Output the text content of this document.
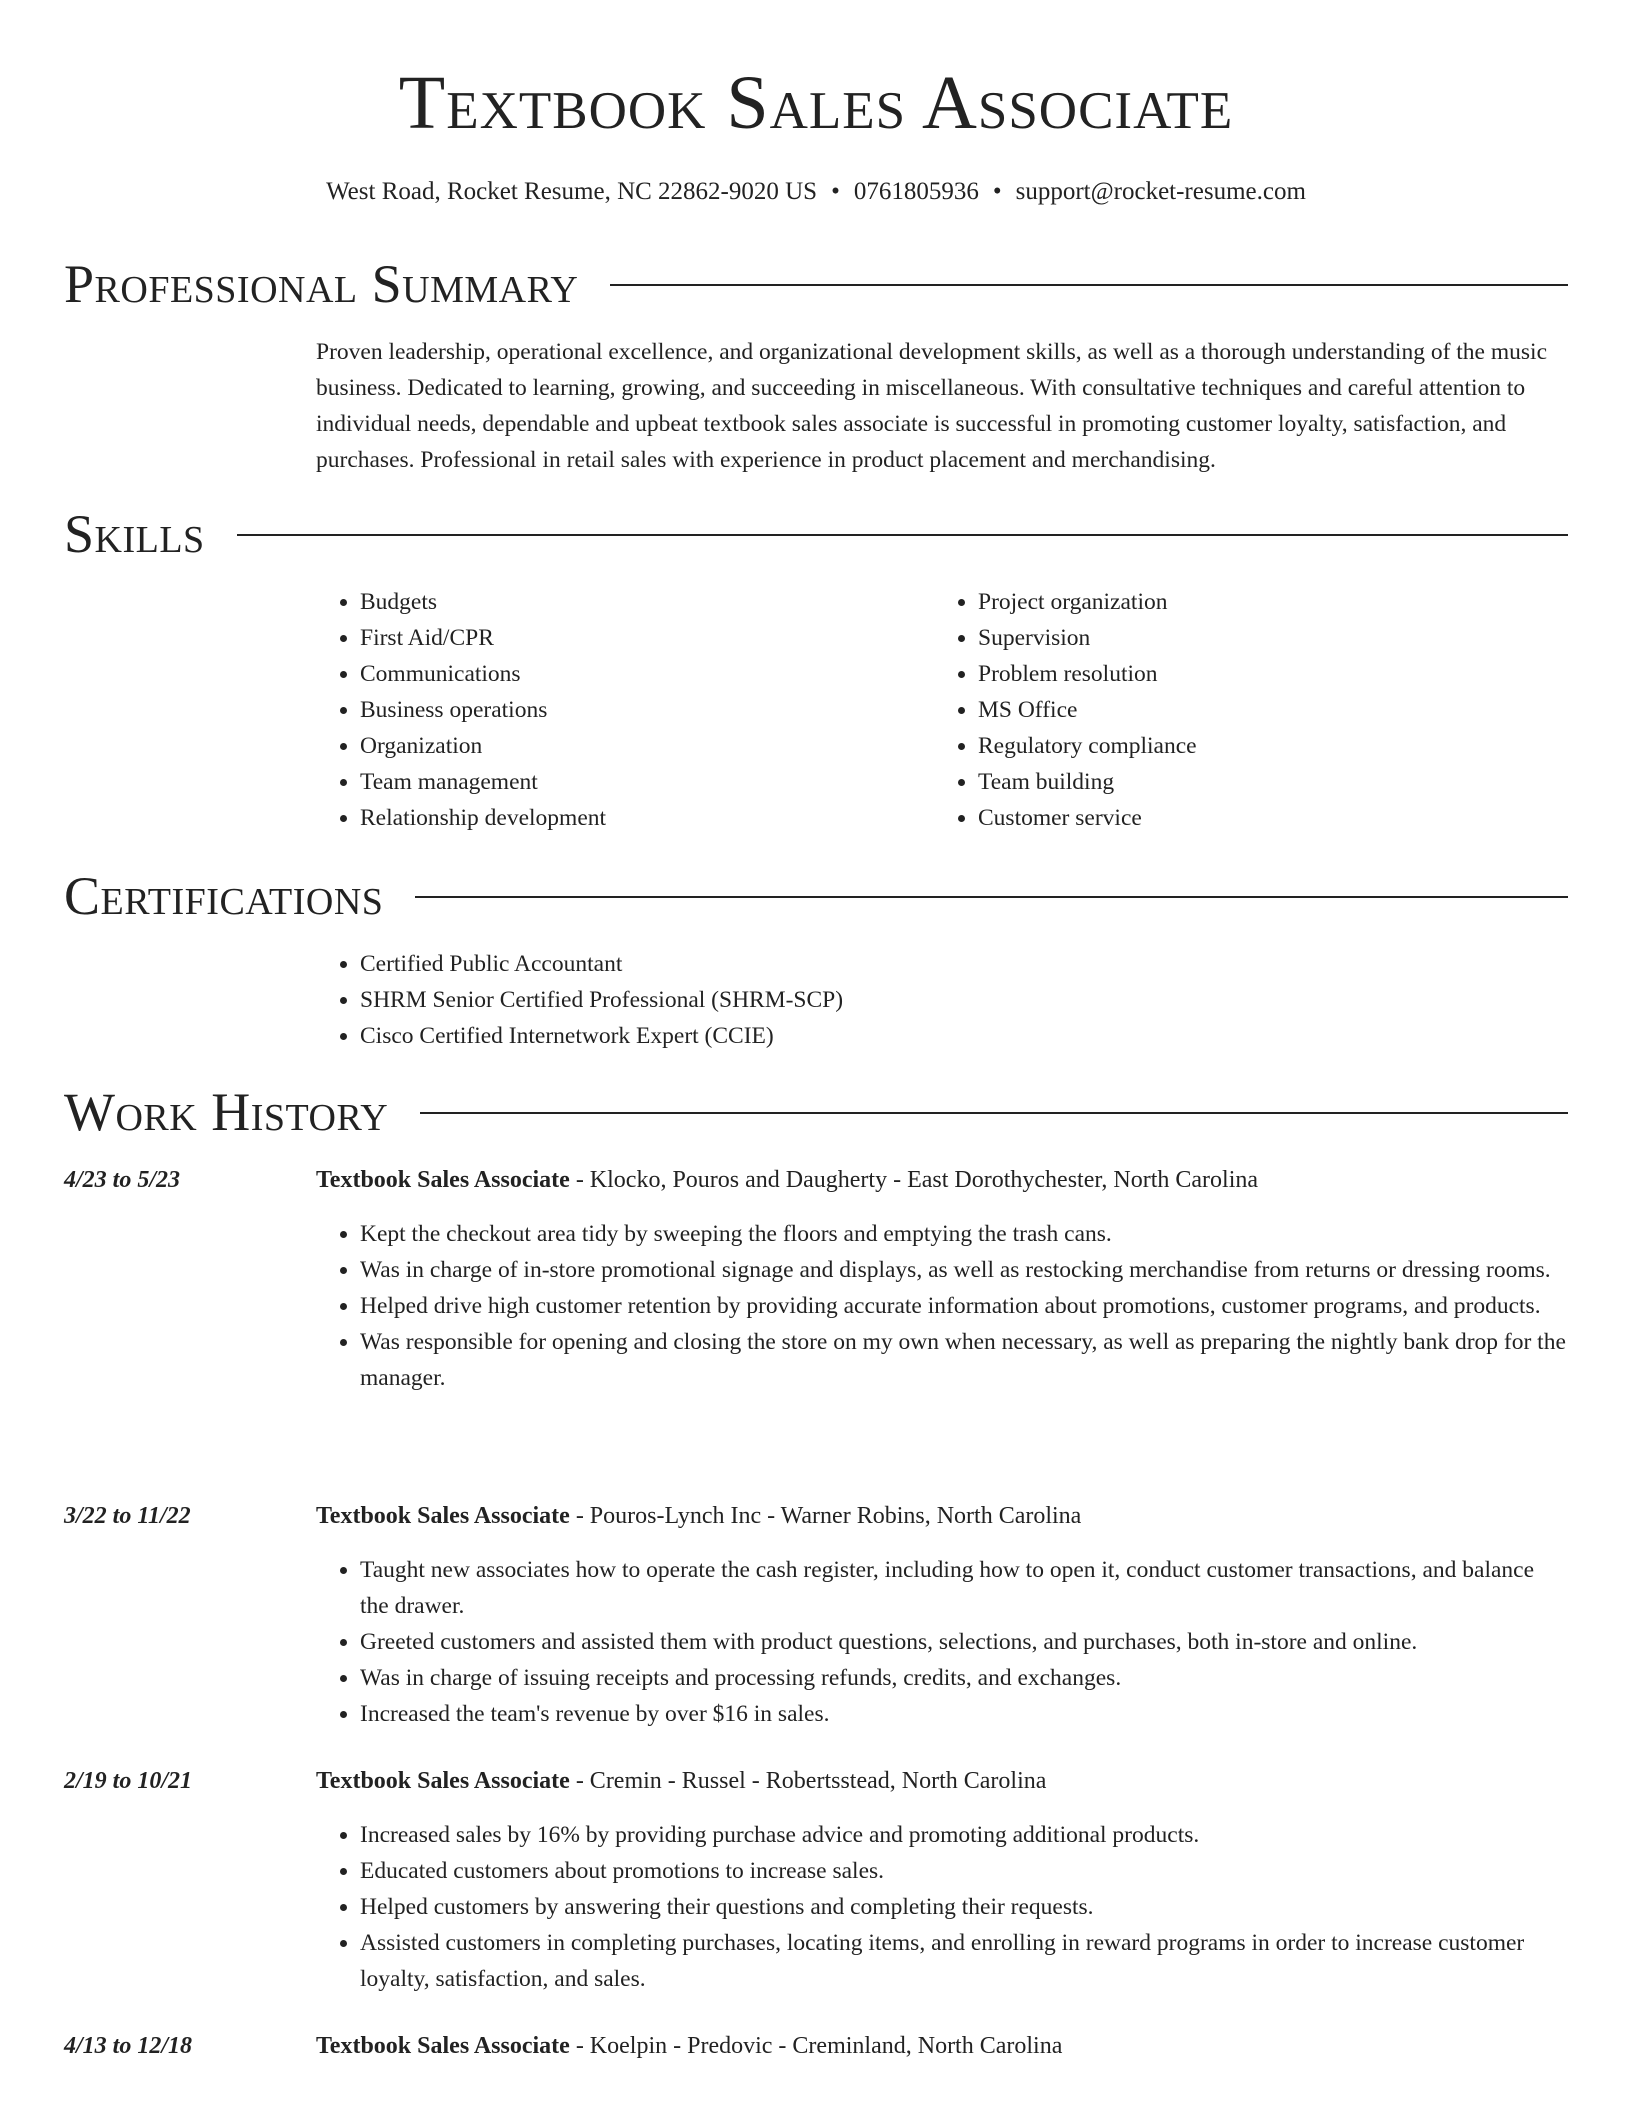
Textbook Sales Associate
West Road, Rocket Resume, NC 22862-9020 US • 0761805936 • support@rocket-resume.com
Professional Summary
Proven leadership, operational excellence, and organizational development skills, as well as a thorough understanding of the music business. Dedicated to learning, growing, and succeeding in miscellaneous. With consultative techniques and careful attention to individual needs, dependable and upbeat textbook sales associate is successful in promoting customer loyalty, satisfaction, and purchases. Professional in retail sales with experience in product placement and merchandising.
Skills
• Budgets
• First Aid/CPR
• Communications
• Business operations
• Organization
• Team management
• Relationship development
• Project organization
• Supervision
• Problem resolution
• MS Office
• Regulatory compliance
• Team building
• Customer service
Certifications
• Certified Public Accountant
• SHRM Senior Certified Professional (SHRM-SCP)
• Cisco Certified Internetwork Expert (CCIE)
Work History
4/23 to 5/23	Textbook Sales Associate - Klocko, Pouros and Daugherty - East Dorothychester, North Carolina
• Kept the checkout area tidy by sweeping the floors and emptying the trash cans.
• Was in charge of in-store promotional signage and displays, as well as restocking merchandise from returns or dressing rooms.
• Helped drive high customer retention by providing accurate information about promotions, customer programs, and products.
• Was responsible for opening and closing the store on my own when necessary, as well as preparing the nightly bank drop for the manager.
3/22 to 11/22	Textbook Sales Associate - Pouros-Lynch Inc - Warner Robins, North Carolina
• Taught new associates how to operate the cash register, including how to open it, conduct customer transactions, and balance the drawer.
• Greeted customers and assisted them with product questions, selections, and purchases, both in-store and online.
• Was in charge of issuing receipts and processing refunds, credits, and exchanges.
• Increased the team's revenue by over $16 in sales.
2/19 to 10/21	Textbook Sales Associate - Cremin - Russel - Robertsstead, North Carolina
• Increased sales by 16% by providing purchase advice and promoting additional products.
• Educated customers about promotions to increase sales.
• Helped customers by answering their questions and completing their requests.
• Assisted customers in completing purchases, locating items, and enrolling in reward programs in order to increase customer loyalty, satisfaction, and sales.
4/13 to 12/18	Textbook Sales Associate - Koelpin - Predovic - Creminland, North Carolina
